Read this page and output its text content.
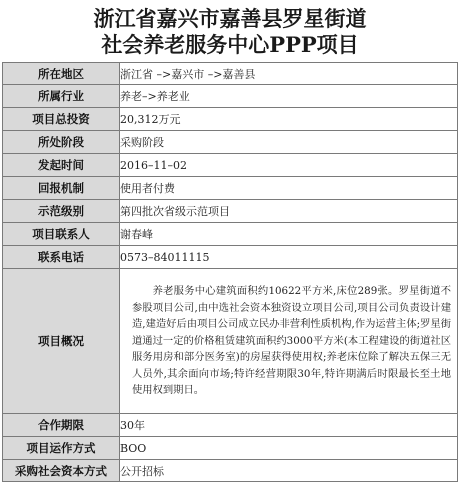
浙江省嘉兴市嘉善县罗星街道
社会养老服务中心PPP项目
所在地区	浙江省 –>嘉兴市 –>嘉善县
所属行业	养老–>养老业
项目总投资	20,312万元
所处阶段	采购阶段
发起时间	2016–11–02
回报机制	使用者付费
示范级别	第四批次省级示范项目
项目联系人	谢春峰
联系电话	0573–84011115
项目概况	养老服务中心建筑面积约10622平方米,床位289张。罗星街道不参股项目公司,由中选社会资本独资设立项目公司,项目公司负责设计建造,建造好后由项目公司成立民办非营利性质机构,作为运营主体;罗星街道通过一定的价格租赁建筑面积约3000平方米(本工程建设的街道社区服务用房和部分医务室)的房屋获得使用权;养老床位除了解决五保三无人员外,其余面向市场;特许经营期限30年,特许期满后时限最长至土地使用权到期日。
合作期限	30年
项目运作方式	BOO
采购社会资本方式	公开招标
